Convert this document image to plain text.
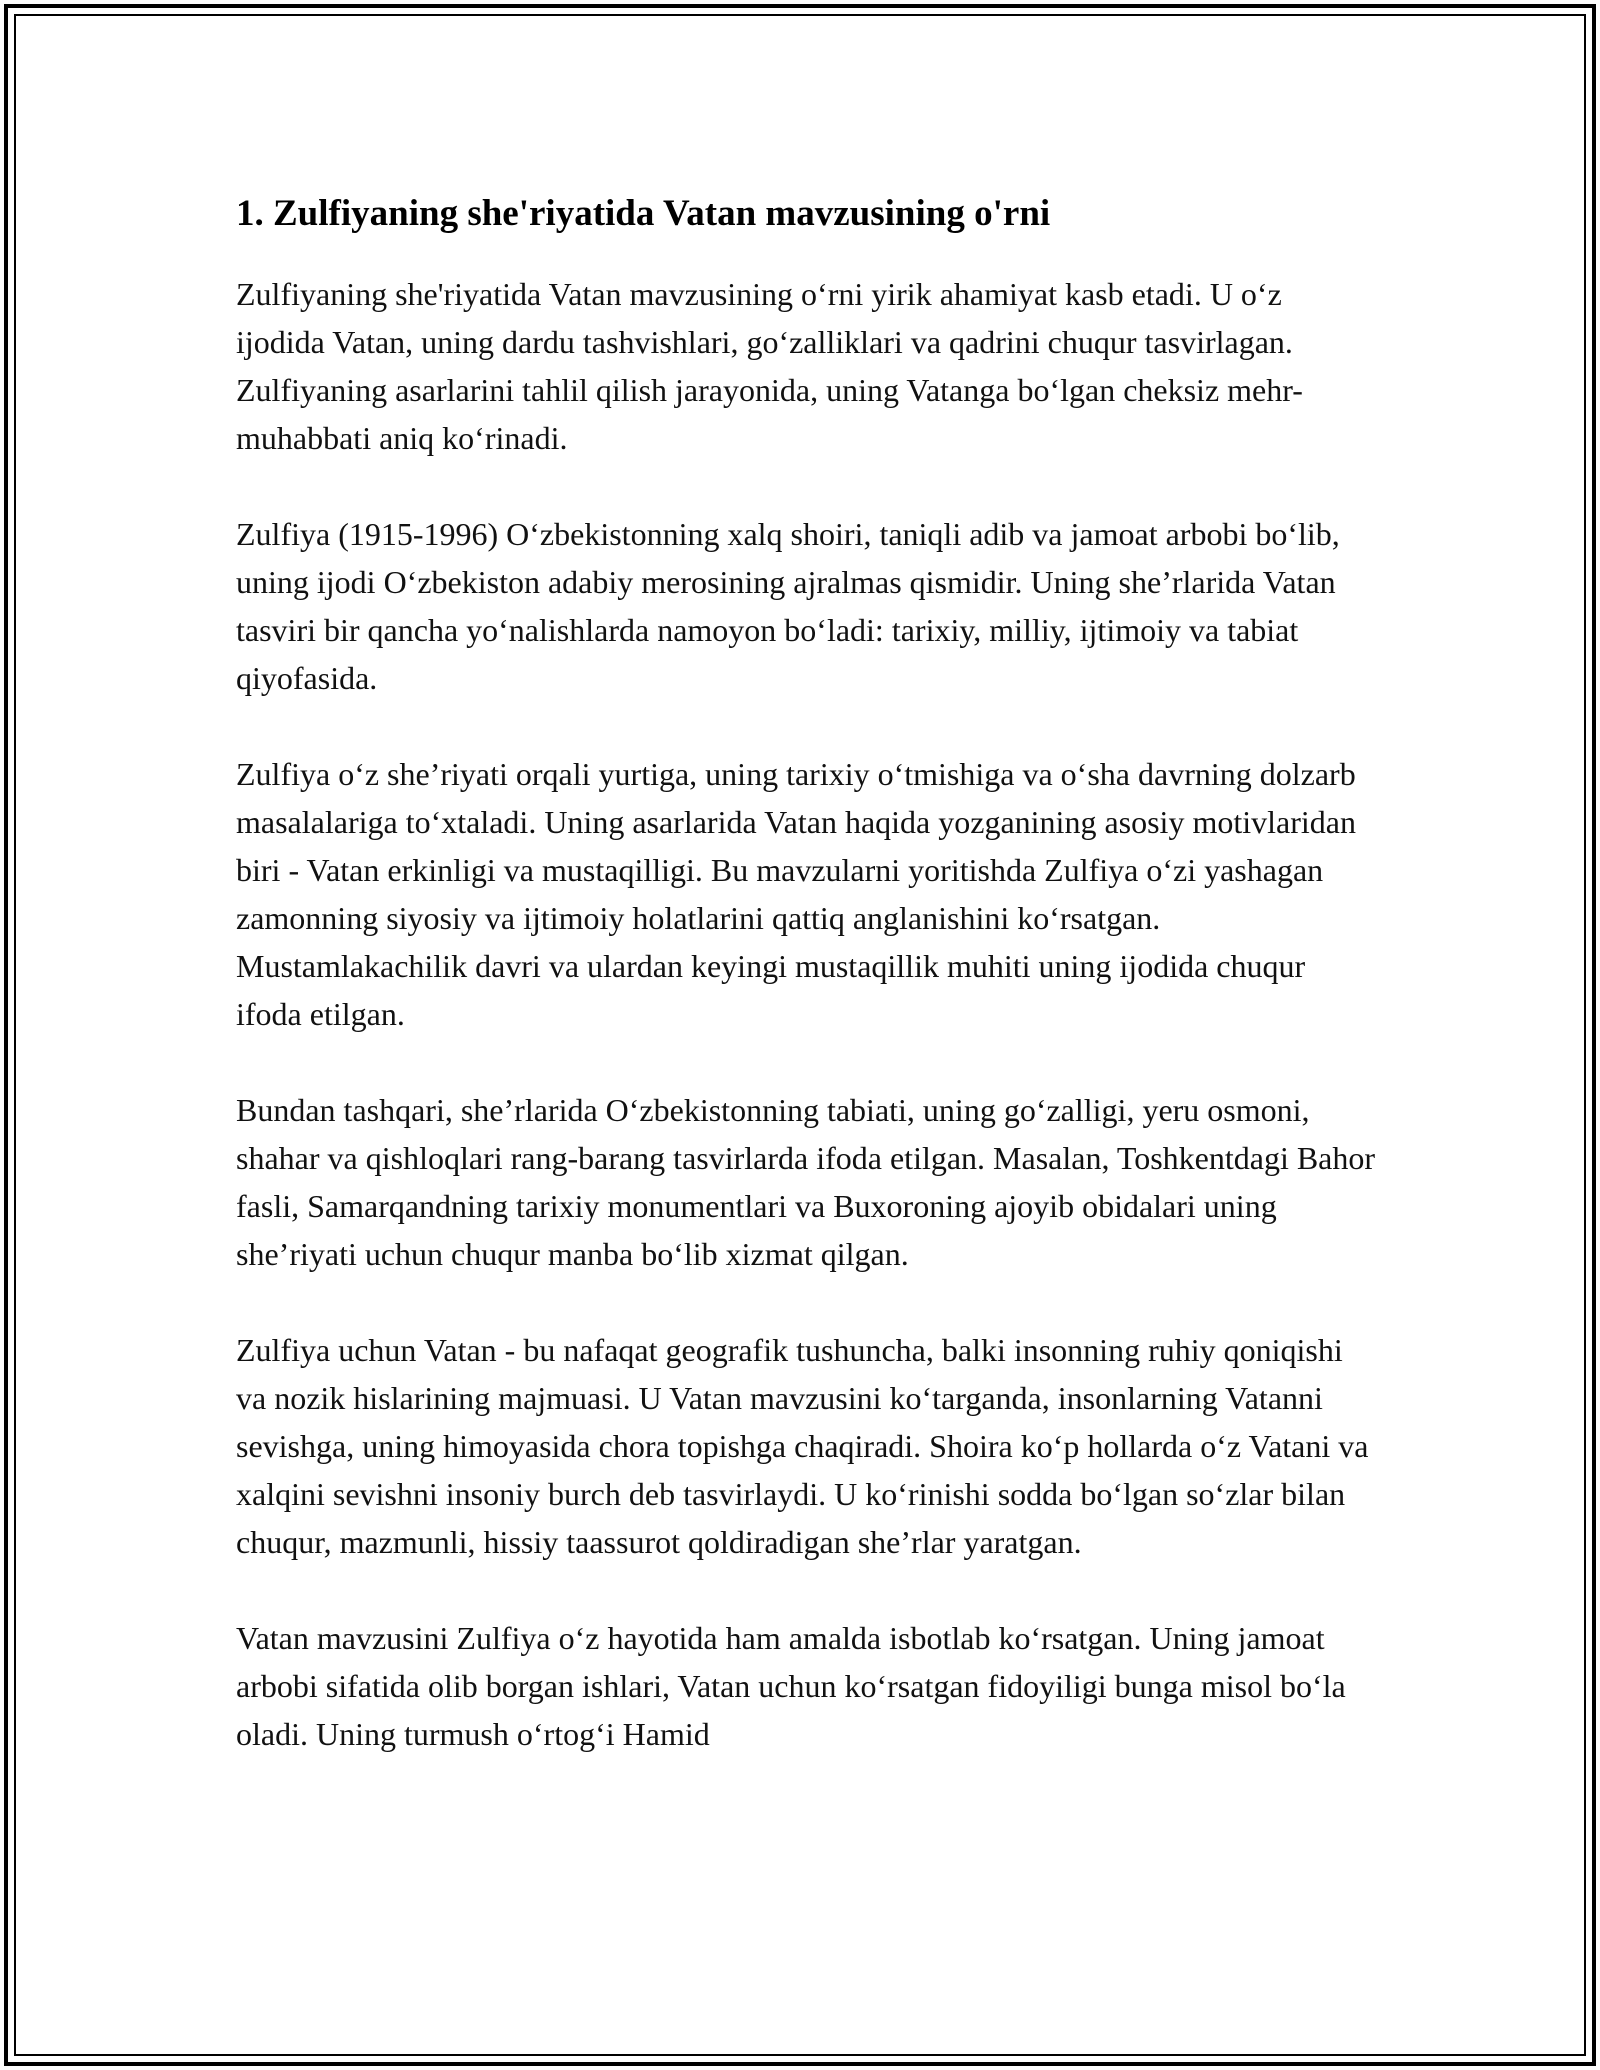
1. Zulfiyaning she'riyatida Vatan mavzusining o'rni

Zulfiyaning she'riyatida Vatan mavzusining o‘rni yirik ahamiyat kasb etadi. U o‘z ijodida Vatan, uning dardu tashvishlari, go‘zalliklari va qadrini chuqur tasvirlagan. Zulfiyaning asarlarini tahlil qilish jarayonida, uning Vatanga bo‘lgan cheksiz mehr-muhabbati aniq ko‘rinadi.

Zulfiya (1915-1996) O‘zbekistonning xalq shoiri, taniqli adib va jamoat arbobi bo‘lib, uning ijodi O‘zbekiston adabiy merosining ajralmas qismidir. Uning she’rlarida Vatan tasviri bir qancha yo‘nalishlarda namoyon bo‘ladi: tarixiy, milliy, ijtimoiy va tabiat qiyofasida.

Zulfiya o‘z she’riyati orqali yurtiga, uning tarixiy o‘tmishiga va o‘sha davrning dolzarb masalalariga to‘xtaladi. Uning asarlarida Vatan haqida yozganining asosiy motivlaridan biri - Vatan erkinligi va mustaqilligi. Bu mavzularni yoritishda Zulfiya o‘zi yashagan zamonning siyosiy va ijtimoiy holatlarini qattiq anglanishini ko‘rsatgan. Mustamlakachilik davri va ulardan keyingi mustaqillik muhiti uning ijodida chuqur ifoda etilgan.

Bundan tashqari, she’rlarida O‘zbekistonning tabiati, uning go‘zalligi, yeru osmoni, shahar va qishloqlari rang-barang tasvirlarda ifoda etilgan. Masalan, Toshkentdagi Bahor fasli, Samarqandning tarixiy monumentlari va Buxoroning ajoyib obidalari uning she’riyati uchun chuqur manba bo‘lib xizmat qilgan.

Zulfiya uchun Vatan - bu nafaqat geografik tushuncha, balki insonning ruhiy qoniqishi va nozik hislarining majmuasi. U Vatan mavzusini ko‘targanda, insonlarning Vatanni sevishga, uning himoyasida chora topishga chaqiradi. Shoira ko‘p hollarda o‘z Vatani va xalqini sevishni insoniy burch deb tasvirlaydi. U ko‘rinishi sodda bo‘lgan so‘zlar bilan chuqur, mazmunli, hissiy taassurot qoldiradigan she’rlar yaratgan.

Vatan mavzusini Zulfiya o‘z hayotida ham amalda isbotlab ko‘rsatgan. Uning jamoat arbobi sifatida olib borgan ishlari, Vatan uchun ko‘rsatgan fidoyiligi bunga misol bo‘la oladi. Uning turmush o‘rtog‘i Hamid
